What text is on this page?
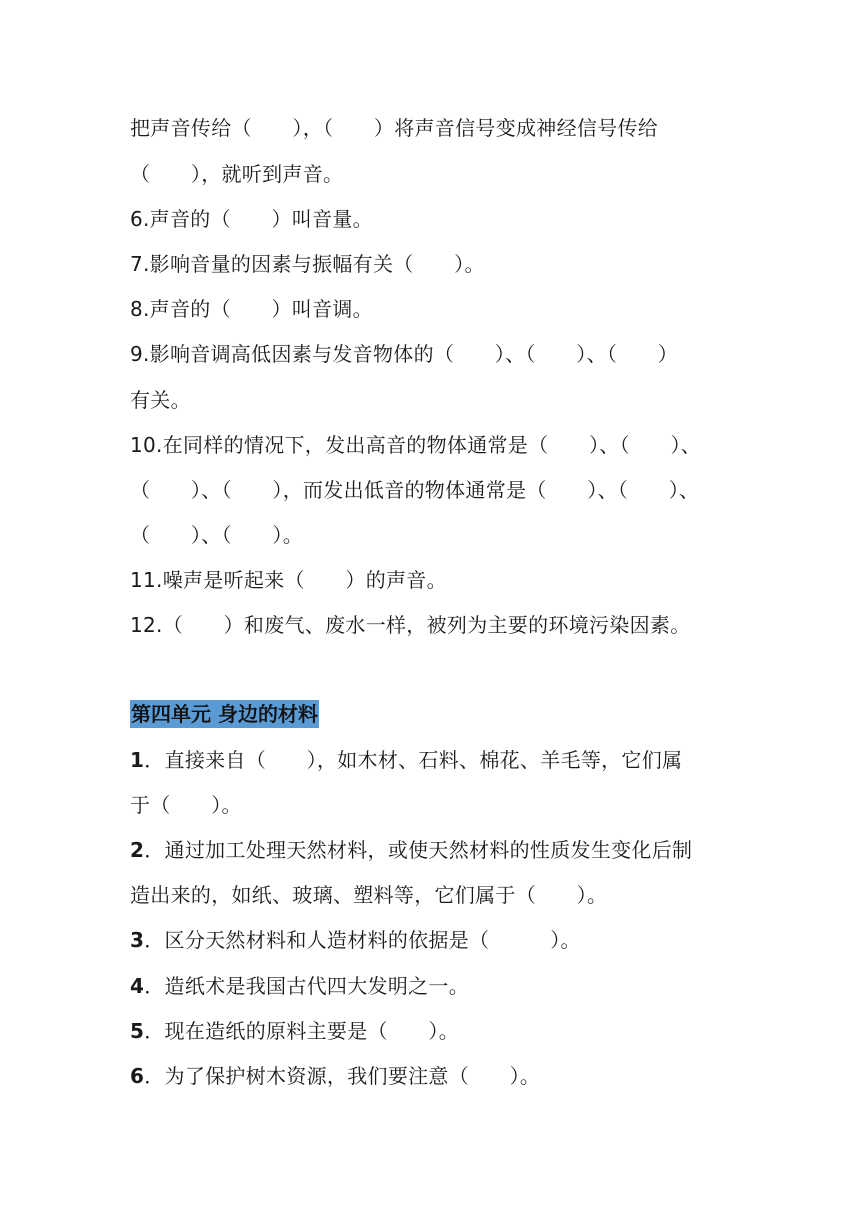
把声音传给（　　），（　　）将声音信号变成神经信号传给
（　　），就听到声音。
6.声音的（　　）叫音量。
7.影响音量的因素与振幅有关（　　）。
8.声音的（　　）叫音调。
9.影响音调高低因素与发音物体的（　　）、（　　）、（　　）
有关。
10.在同样的情况下，发出高音的物体通常是（　　）、（　　）、
（　　）、（　　），而发出低音的物体通常是（　　）、（　　）、
（　　）、（　　）。
11.噪声是听起来（　　）的声音。
12.（　　）和废气、废水一样，被列为主要的环境污染因素。
第四单元 身边的材料
1．直接来自（　　），如木材、石料、棉花、羊毛等，它们属
于（　　）。
2．通过加工处理天然材料，或使天然材料的性质发生变化后制
造出来的，如纸、玻璃、塑料等，它们属于（　　）。
3．区分天然材料和人造材料的依据是（　　　）。
4．造纸术是我国古代四大发明之一。
5．现在造纸的原料主要是（　　）。
6．为了保护树木资源，我们要注意（　　）。
